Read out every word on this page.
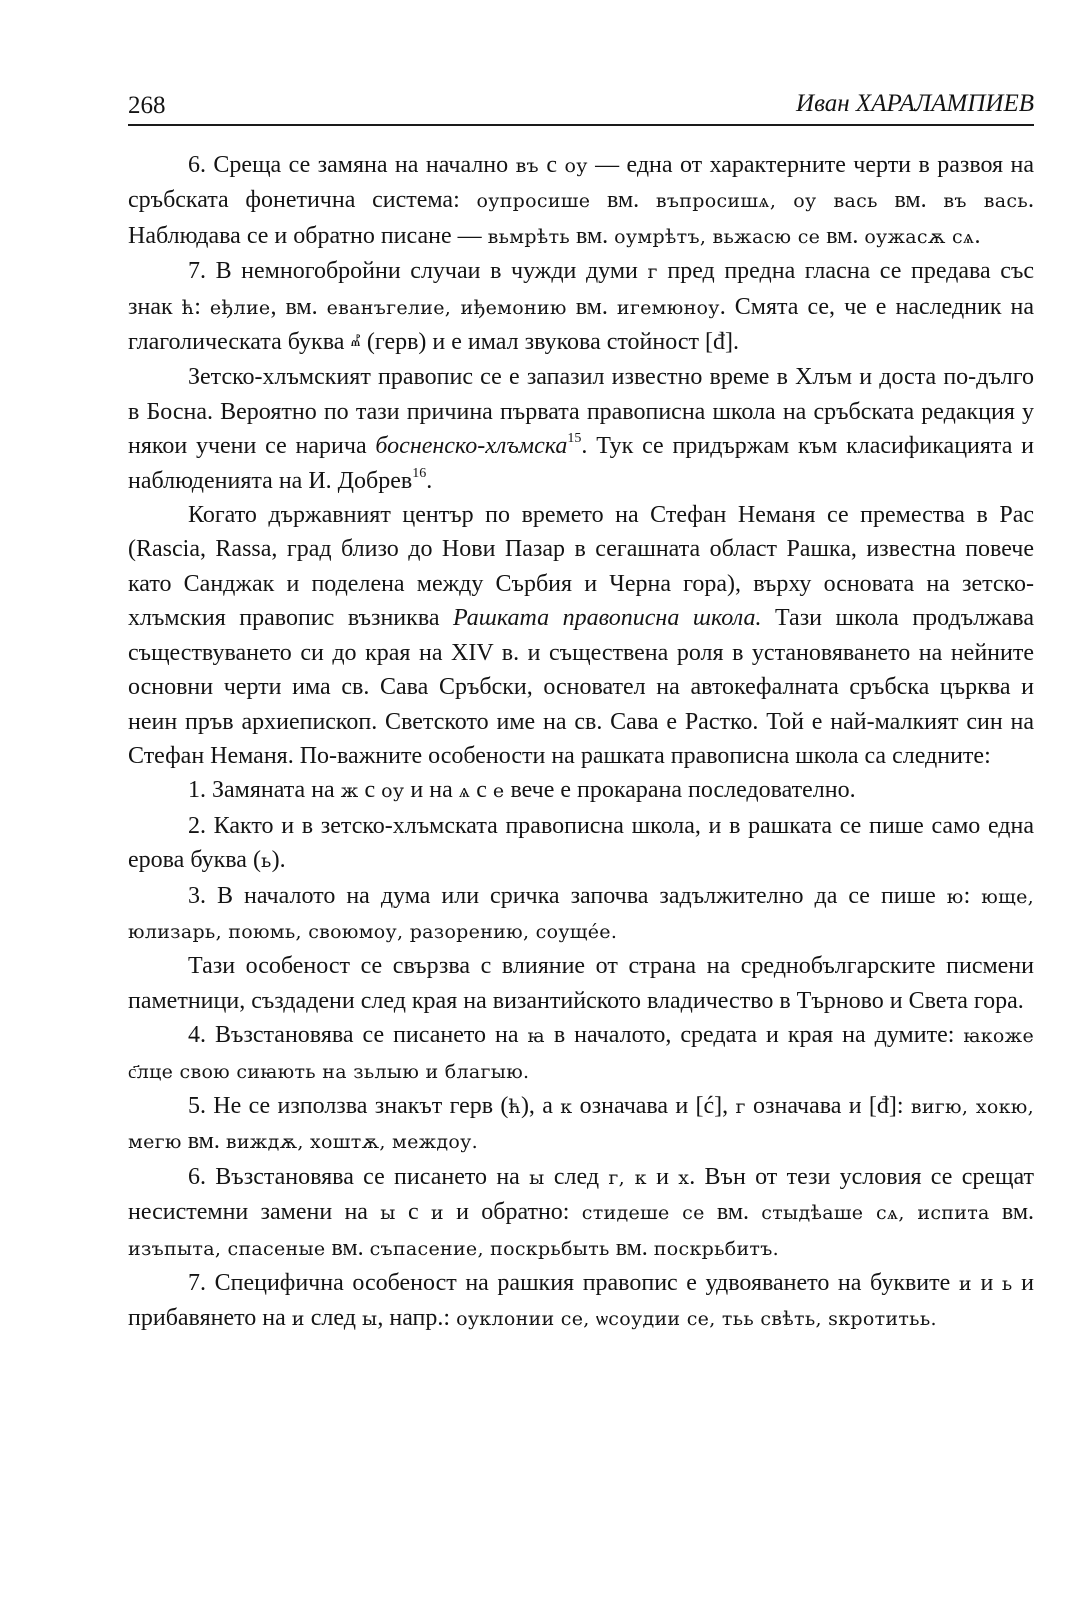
268	Иван ХАРАЛАМПИЕВ

6. Среща се замяна на начално въ с оу — една от характерните черти в развоя на сръбската фонетична система: оупросише вм. въпросишѧ, оу вась вм. въ вась. Наблюдава се и обратно писане — вьмрѣть вм. оумрѣтъ, вьжасю се вм. оужасѫ сѧ.

7. В немногобройни случаи в чужди думи г пред предна гласна се предава със знак ћ: еђлие, вм. еванъгелие, иђемонию вм. игемюноу. Смята се, че е наследник на глаголическата буква ⰼ (герв) и е имал звукова стойност [đ].

Зетско-хлъмският правопис се е запазил известно време в Хлъм и доста по-дълго в Босна. Вероятно по тази причина първата правописна школа на сръбската редакция у някои учени се нарича босненско-хлъмска$^{15}$. Тук се придържам към класификацията и наблюденията на И. Добрев$^{16}$.

Когато държавният център по времето на Стефан Неманя се премества в Рас (Rascia, Rassa, град близо до Нови Пазар в сегашната област Рашка, известна повече като Санджак и поделена между Сърбия и Черна гора), върху основата на зетско-хлъмския правопис възниква Рашката правописна школа. Тази школа продължава съществуването си до края на XIV в. и съществена роля в установяването на нейните основни черти има св. Сава Сръбски, основател на автокефалната сръбска църква и неин пръв архиепископ. Светското име на св. Сава е Растко. Той е най-малкият син на Стефан Неманя. По-важните особености на рашката правописна школа са следните:

1. Замяната на ж с оу и на ѧ с е вече е прокарана последователно.

2. Както и в зетско-хлъмската правописна школа, и в рашката се пише само една ерова буква (ь).

3. В началото на дума или сричка започва задължително да се пише ю: юще, юлизарь, поюмь, своюмоу, разорению, соуще́е.

Тази особеност се свързва с влияние от страна на среднобългарските писмени паметници, създадени след края на византийското владичество в Търново и Света гора.

4. Възстановява се писането на ꙗ в началото, средата и края на думите: ꙗкоже с҃лце свою сиꙗють на зьлыю и благыю.

5. Не се използва знакът герв (ћ), а к означава и [ć], г означава и [đ]: вигю, хокю, мегю вм. виждѫ, хоштѫ, междоу.

6. Възстановява се писането на ы след г, к и х. Вън от тези условия се срещат несистемни замени на ы с и и обратно: стидеше се вм. стыдѣаше сѧ, испита вм. изъпыта, спасеные вм. съпасение, поскрьбыть вм. поскрьбитъ.

7. Специфична особеност на рашкия правопис е удвояването на буквите и и ь и прибавянето на и след ы, напр.: оуклонии се, ѡсоудии се, тьь свѣть, ѕкротитьь.
